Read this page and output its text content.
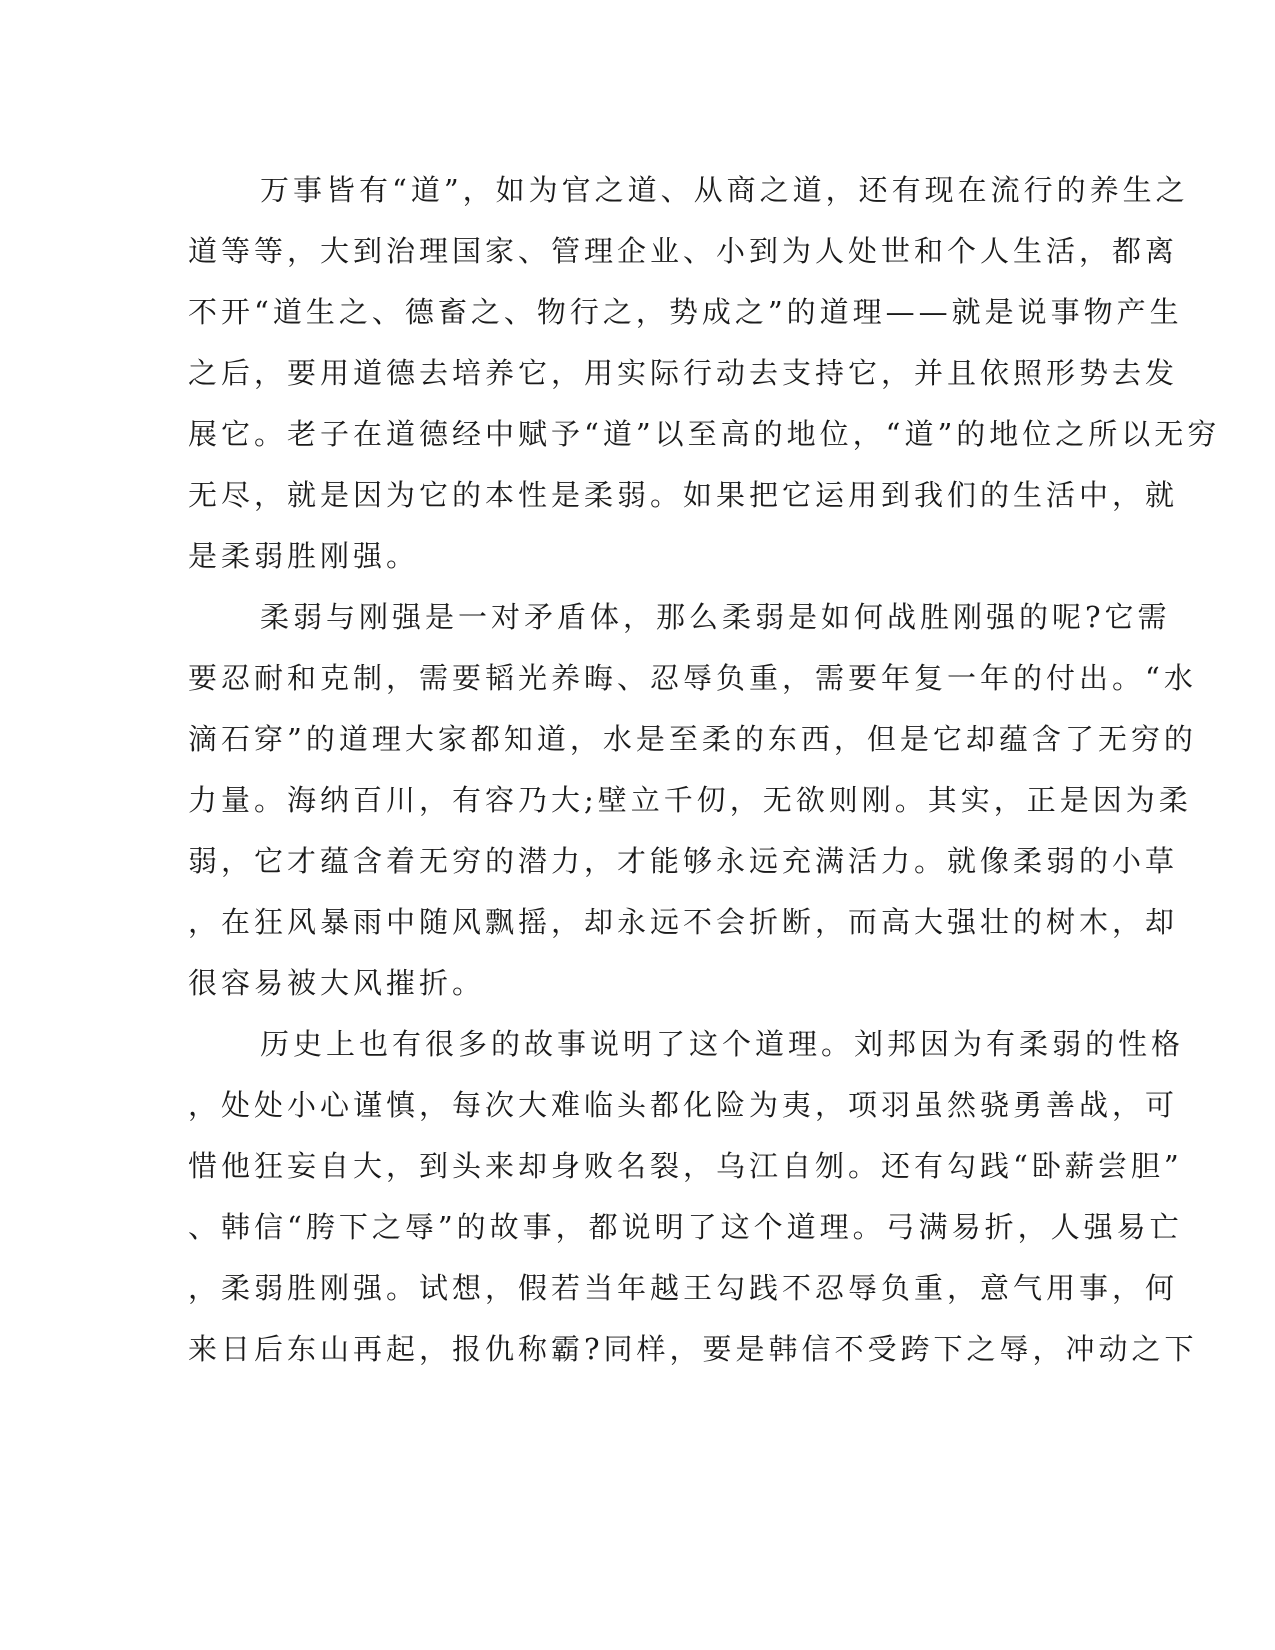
万事皆有“道”，如为官之道、从商之道，还有现在流行的养生之
道等等，大到治理国家、管理企业、小到为人处世和个人生活，都离
不开“道生之、德畜之、物行之，势成之”的道理——就是说事物产生
之后，要用道德去培养它，用实际行动去支持它，并且依照形势去发
展它。老子在道德经中赋予“道”以至高的地位，“道”的地位之所以无穷
无尽，就是因为它的本性是柔弱。如果把它运用到我们的生活中，就
是柔弱胜刚强。
柔弱与刚强是一对矛盾体，那么柔弱是如何战胜刚强的呢?它需
要忍耐和克制，需要韬光养晦、忍辱负重，需要年复一年的付出。“水
滴石穿”的道理大家都知道，水是至柔的东西，但是它却蕴含了无穷的
力量。海纳百川，有容乃大;壁立千仞，无欲则刚。其实，正是因为柔
弱，它才蕴含着无穷的潜力，才能够永远充满活力。就像柔弱的小草
，在狂风暴雨中随风飘摇，却永远不会折断，而高大强壮的树木，却
很容易被大风摧折。
历史上也有很多的故事说明了这个道理。刘邦因为有柔弱的性格
，处处小心谨慎，每次大难临头都化险为夷，项羽虽然骁勇善战，可
惜他狂妄自大，到头来却身败名裂，乌江自刎。还有勾践“卧薪尝胆”
、韩信“胯下之辱”的故事，都说明了这个道理。弓满易折，人强易亡
，柔弱胜刚强。试想，假若当年越王勾践不忍辱负重，意气用事，何
来日后东山再起，报仇称霸?同样，要是韩信不受跨下之辱，冲动之下
